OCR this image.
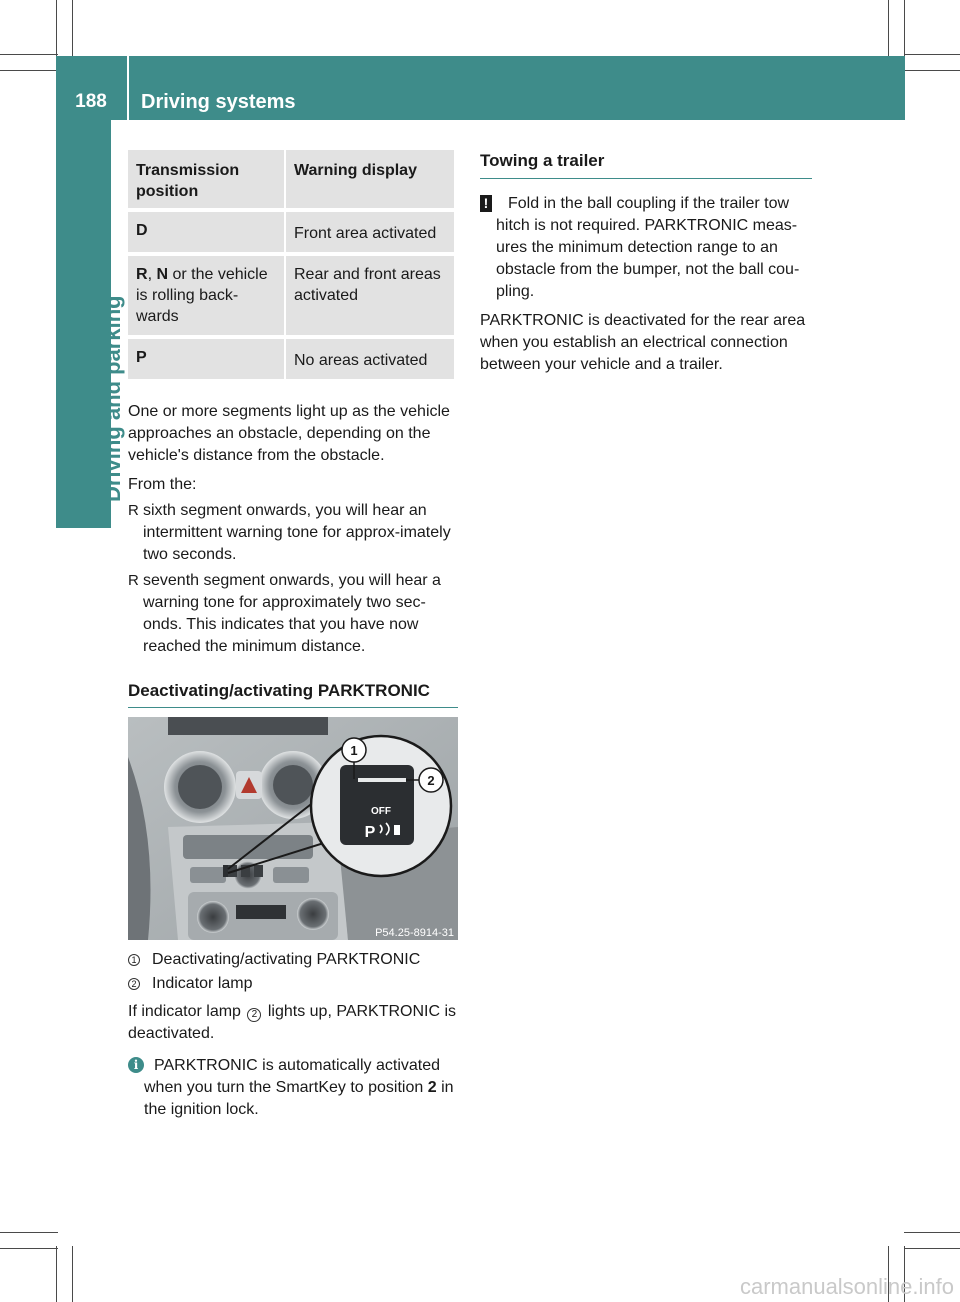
188	Driving systems
Driving and parking
Transmission position	Warning display
D	Front area activated
R, N or the vehicle is rolling back-wards	Rear and front areas activated
P	No areas activated

One or more segments light up as the vehicle approaches an obstacle, depending on the vehicle's distance from the obstacle.

From the:

R sixth segment onwards, you will hear an intermittent warning tone for approx-imately two seconds.
R seventh segment onwards, you will hear a warning tone for approximately two sec-onds. This indicates that you have now reached the minimum distance.
Deactivating/activating PARKTRONIC
OFF
P
1
2
P54.25-8914-31
1 Deactivating/activating PARKTRONIC
2 Indicator lamp

If indicator lamp 2 lights up, PARKTRONIC is deactivated.

i PARKTRONIC is automatically activated when you turn the SmartKey to position 2 in the ignition lock.

Towing a trailer
!	Fold in the ball coupling if the trailer tow hitch is not required. PARKTRONIC meas-ures the minimum detection range to an obstacle from the bumper, not the ball cou-pling.

PARKTRONIC is deactivated for the rear area when you establish an electrical connection between your vehicle and a trailer.

carmanualsonline.info
